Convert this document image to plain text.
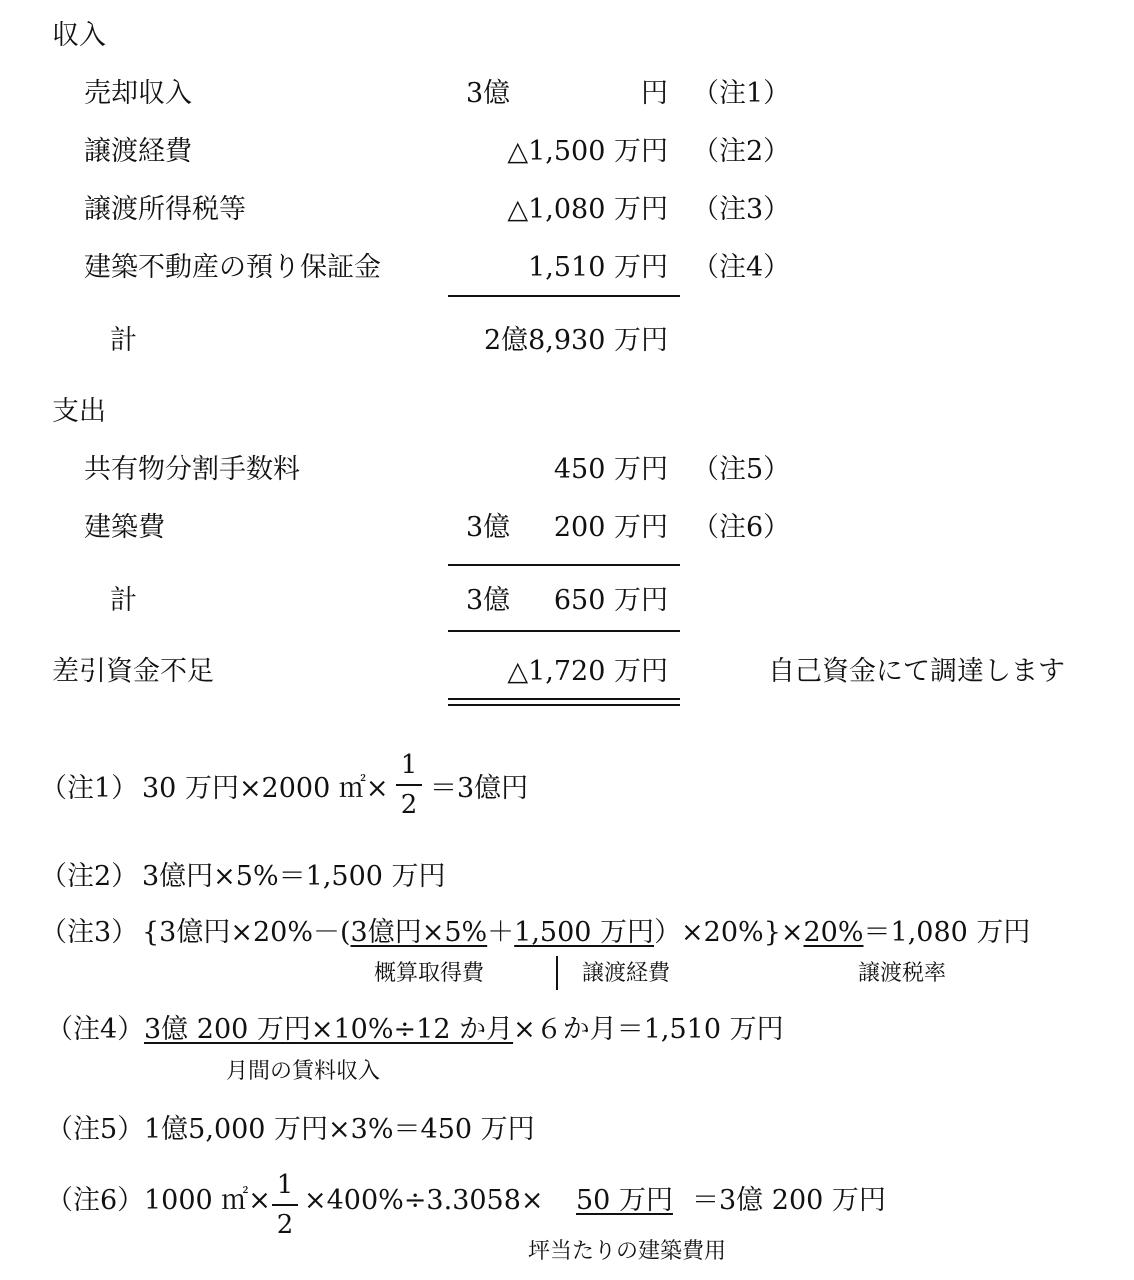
収入
売却収入	3億	円 （注1）
譲渡経費	△1,500 万円 （注2）
譲渡所得税等	△1,080 万円 （注3）
建築不動産の預り保証金	1,510 万円 （注4）
計	2億8,930 万円
支出
共有物分割手数料	450 万円 （注5）
建築費	3億	200 万円 （注6）
計	3億	650 万円
差引資金不足	△1,720 万円	自己資金にて調達します
（注1） 30 万円×2000 ㎡×
1
2
＝3億円
（注2） 3億円×5%＝1,500 万円
（注3） {3億円×20%－(3億円×5%＋1,500 万円）×20%}×20%＝1,080 万円
概算取得費	譲渡経費	譲渡税率
（注4） 3億 200 万円×10%÷12 か月×６か月＝1,510 万円
月間の賃料収入
（注5） 1億5,000 万円×3%＝450 万円
（注6） 1000 ㎡× 1
2
×400%÷3.3058× 50 万円 ＝3億 200 万円
坪当たりの建築費用
